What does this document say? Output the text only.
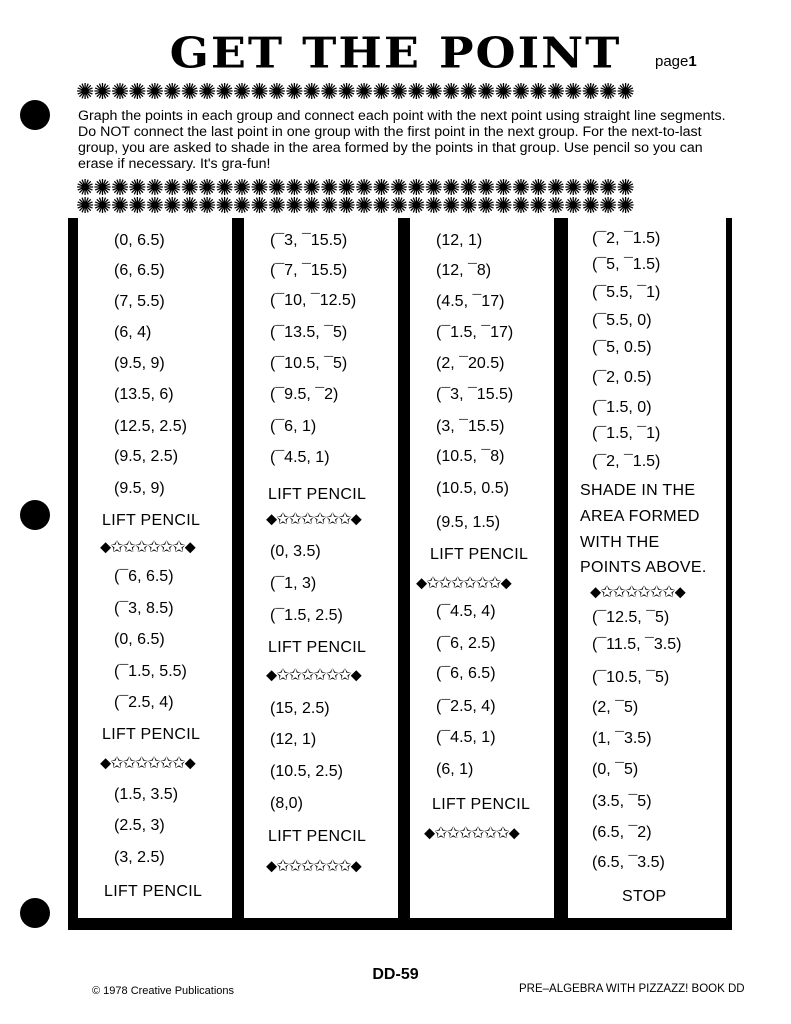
GET THE POINT	page1
✺✺✺✺✺✺✺✺✺✺✺✺✺✺✺✺✺✺✺✺✺✺✺✺✺✺✺✺✺✺✺✺
Graph the points in each group and connect each point with the next point using straight line segments. Do NOT connect the last point in one group with the first point in the next group. For the next-to-last group, you are asked to shade in the area formed by the points in that group. Use pencil so you can erase if necessary. It's gra-fun!
✺✺✺✺✺✺✺✺✺✺✺✺✺✺✺✺✺✺✺✺✺✺✺✺✺✺✺✺✺✺✺✺
✺✺✺✺✺✺✺✺✺✺✺✺✺✺✺✺✺✺✺✺✺✺✺✺✺✺✺✺✺✺✺✺
(0, 6.5)
(6, 6.5)
(7, 5.5)
(6, 4)
(9.5, 9)
(13.5, 6)
(12.5, 2.5)
(9.5, 2.5)
(9.5, 9)
LIFT PENCIL
⬥✩✩✩✩✩✩⬥
(¯6, 6.5)
(¯3, 8.5)
(0, 6.5)
(¯1.5, 5.5)
(¯2.5, 4)
LIFT PENCIL
⬥✩✩✩✩✩✩⬥
(1.5, 3.5)
(2.5, 3)
(3, 2.5)
LIFT PENCIL
(¯3, ¯15.5)
(¯7, ¯15.5)
(¯10, ¯12.5)
(¯13.5, ¯5)
(¯10.5, ¯5)
(¯9.5, ¯2)
(¯6, 1)
(¯4.5, 1)
LIFT PENCIL
⬥✩✩✩✩✩✩⬥
(0, 3.5)
(¯1, 3)
(¯1.5, 2.5)
LIFT PENCIL
⬥✩✩✩✩✩✩⬥
(15, 2.5)
(12, 1)
(10.5, 2.5)
(8,0)
LIFT PENCIL
⬥✩✩✩✩✩✩⬥
(12, 1)
(12, ¯8)
(4.5, ¯17)
(¯1.5, ¯17)
(2, ¯20.5)
(¯3, ¯15.5)
(3, ¯15.5)
(10.5, ¯8)
(10.5, 0.5)
(9.5, 1.5)
LIFT PENCIL
⬥✩✩✩✩✩✩⬥
(¯4.5, 4)
(¯6, 2.5)
(¯6, 6.5)
(¯2.5, 4)
(¯4.5, 1)
(6, 1)
LIFT PENCIL
⬥✩✩✩✩✩✩⬥
(¯2, ¯1.5)
(¯5, ¯1.5)
(¯5.5, ¯1)
(¯5.5, 0)
(¯5, 0.5)
(¯2, 0.5)
(¯1.5, 0)
(¯1.5, ¯1)
(¯2, ¯1.5)
SHADE IN THE
AREA FORMED
WITH THE
POINTS ABOVE.
⬥✩✩✩✩✩✩⬥
(¯12.5, ¯5)
(¯11.5, ¯3.5)
(¯10.5, ¯5)
(2, ¯5)
(1, ¯3.5)
(0, ¯5)
(3.5, ¯5)
(6.5, ¯2)
(6.5, ¯3.5)
STOP
DD-59
© 1978 Creative Publications	PRE–ALGEBRA WITH PIZZAZZ! BOOK DD
